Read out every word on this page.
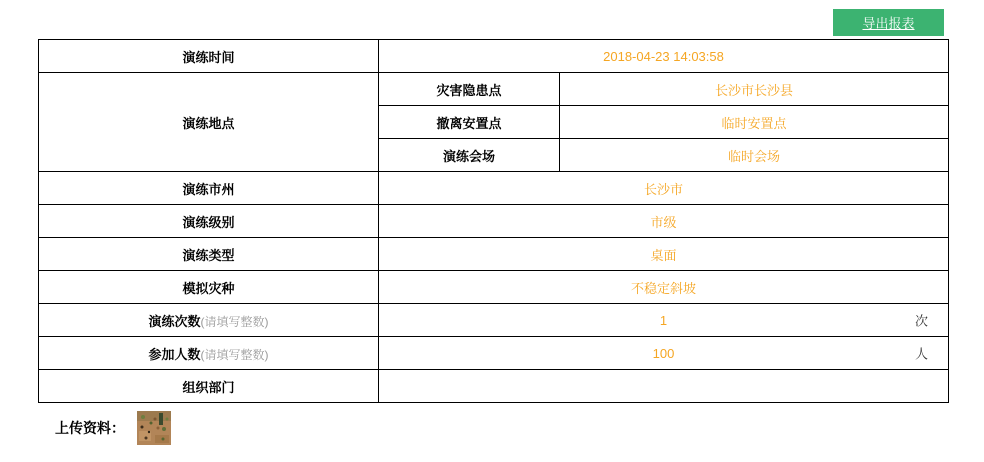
导出报表
演练时间	2018-04-23 14:03:58	
演练地点	灾害隐患点	长沙市长沙县
	撤离安置点	临时安置点
	演练会场	临时会场
演练市州	长沙市	
演练级别	市级	
演练类型	桌面	
模拟灾种	不稳定斜坡	
演练次数(请填写整数)	1 次	

参加人数(请填写整数)	100 人	

组织部门		
上传资料：
